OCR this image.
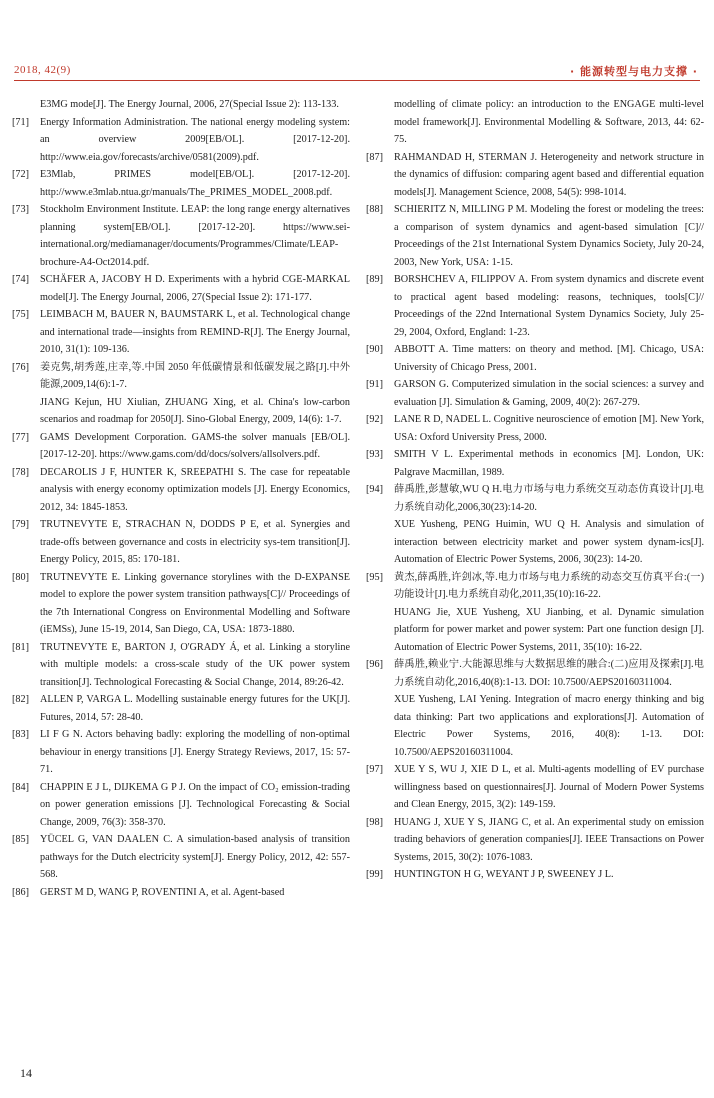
2018, 42(9)	· 能源转型与电力支撑 ·
E3MG mode[J]. The Energy Journal, 2006, 27(Special Issue 2): 113-133.
[71]	Energy Information Administration. The national energy modeling system: an overview 2009[EB/OL]. [2017-12-20]. http://www.eia.gov/forecasts/archive/0581(2009).pdf.
[72]	E3Mlab, PRIMES model[EB/OL]. [2017-12-20]. http://www.e3mlab.ntua.gr/manuals/The_PRIMES_MODEL_2008.pdf.
[73]	Stockholm Environment Institute. LEAP: the long range energy alternatives planning system[EB/OL]. [2017-12-20]. https://www.sei-international.org/mediamanager/documents/Programmes/Climate/LEAP-brochure-A4-Oct2014.pdf.
[74]	SCHÄFER A, JACOBY H D. Experiments with a hybrid CGE-MARKAL model[J]. The Energy Journal, 2006, 27(Special Issue 2): 171-177.
[75]	LEIMBACH M, BAUER N, BAUMSTARK L, et al. Technological change and international trade—insights from REMIND-R[J]. The Energy Journal, 2010, 31(1): 109-136.
[76]	姜克隽,胡秀莲,庄幸,等.中国 2050 年低碳情景和低碳发展之路[J].中外能源,2009,14(6):1-7.
JIANG Kejun, HU Xiulian, ZHUANG Xing, et al. China's low-carbon scenarios and roadmap for 2050[J]. Sino-Global Energy, 2009, 14(6): 1-7.
[77]	GAMS Development Corporation. GAMS-the solver manuals [EB/OL]. [2017-12-20]. https://www.gams.com/dd/docs/solvers/allsolvers.pdf.
[78]	DECAROLIS J F, HUNTER K, SREEPATHI S. The case for repeatable analysis with energy economy optimization models [J]. Energy Economics, 2012, 34: 1845-1853.
[79]	TRUTNEVYTE E, STRACHAN N, DODDS P E, et al. Synergies and trade-offs between governance and costs in electricity sys-tem transition[J]. Energy Policy, 2015, 85: 170-181.
[80]	TRUTNEVYTE E. Linking governance storylines with the D-EXPANSE model to explore the power system transition pathways[C]// Proceedings of the 7th International Congress on Environmental Modelling and Software (iEMSs), June 15-19, 2014, San Diego, CA, USA: 1873-1880.
[81]	TRUTNEVYTE E, BARTON J, O'GRADY Á, et al. Linking a storyline with multiple models: a cross-scale study of the UK power system transition[J]. Technological Forecasting & Social Change, 2014, 89:26-42.
[82]	ALLEN P, VARGA L. Modelling sustainable energy futures for the UK[J]. Futures, 2014, 57: 28-40.
[83]	LI F G N. Actors behaving badly: exploring the modelling of non-optimal behaviour in energy transitions [J]. Energy Strategy Reviews, 2017, 15: 57-71.
[84]	CHAPPIN E J L, DIJKEMA G P J. On the impact of CO₂ emission-trading on power generation emissions [J]. Technological Forecasting & Social Change, 2009, 76(3): 358-370.
[85]	YÜCEL G, VAN DAALEN C. A simulation-based analysis of transition pathways for the Dutch electricity system[J]. Energy Policy, 2012, 42: 557-568.
[86]	GERST M D, WANG P, ROVENTINI A, et al. Agent-based
modelling of climate policy: an introduction to the ENGAGE multi-level model framework[J]. Environmental Modelling & Software, 2013, 44: 62-75.
[87]	RAHMANDAD H, STERMAN J. Heterogeneity and network structure in the dynamics of diffusion: comparing agent based and differential equation models[J]. Management Science, 2008, 54(5): 998-1014.
[88]	SCHIERITZ N, MILLING P M. Modeling the forest or modeling the trees: a comparison of system dynamics and agent-based simulation [C]// Proceedings of the 21st International System Dynamics Society, July 20-24, 2003, New York, USA: 1-15.
[89]	BORSHCHEV A, FILIPPOV A. From system dynamics and discrete event to practical agent based modeling: reasons, techniques, tools[C]// Proceedings of the 22nd International System Dynamics Society, July 25-29, 2004, Oxford, England: 1-23.
[90]	ABBOTT A. Time matters: on theory and method. [M]. Chicago, USA: University of Chicago Press, 2001.
[91]	GARSON G. Computerized simulation in the social sciences: a survey and evaluation [J]. Simulation & Gaming, 2009, 40(2): 267-279.
[92]	LANE R D, NADEL L. Cognitive neuroscience of emotion [M]. New York, USA: Oxford University Press, 2000.
[93]	SMITH V L. Experimental methods in economics [M]. London, UK: Palgrave Macmillan, 1989.
[94]	薛禹胜,彭慧敏,WU Q H.电力市场与电力系统交互动态仿真设计[J].电力系统自动化,2006,30(23):14-20.
XUE Yusheng, PENG Huimin, WU Q H. Analysis and simulation of interaction between electricity market and power system dynam-ics[J]. Automation of Electric Power Systems, 2006, 30(23): 14-20.
[95]	黄杰,薛禹胜,许剑冰,等.电力市场与电力系统的动态交互仿真平台:(一)功能设计[J].电力系统自动化,2011,35(10):16-22.
HUANG Jie, XUE Yusheng, XU Jianbing, et al. Dynamic simulation platform for power market and power system: Part one function design [J]. Automation of Electric Power Systems, 2011, 35(10): 16-22.
[96]	薛禹胜,赖业宁.大能源思维与大数据思维的融合:(二)应用及探索[J].电力系统自动化,2016,40(8):1-13. DOI: 10.7500/AEPS20160311004.
XUE Yusheng, LAI Yening. Integration of macro energy thinking and big data thinking: Part two applications and explorations[J]. Automation of Electric Power Systems, 2016, 40(8): 1-13. DOI: 10.7500/AEPS20160311004.
[97]	XUE Y S, WU J, XIE D L, et al. Multi-agents modelling of EV purchase willingness based on questionnaires[J]. Journal of Modern Power Systems and Clean Energy, 2015, 3(2): 149-159.
[98]	HUANG J, XUE Y S, JIANG C, et al. An experimental study on emission trading behaviors of generation companies[J]. IEEE Transactions on Power Systems, 2015, 30(2): 1076-1083.
[99]	HUNTINGTON H G, WEYANT J P, SWEENEY J L.
14
